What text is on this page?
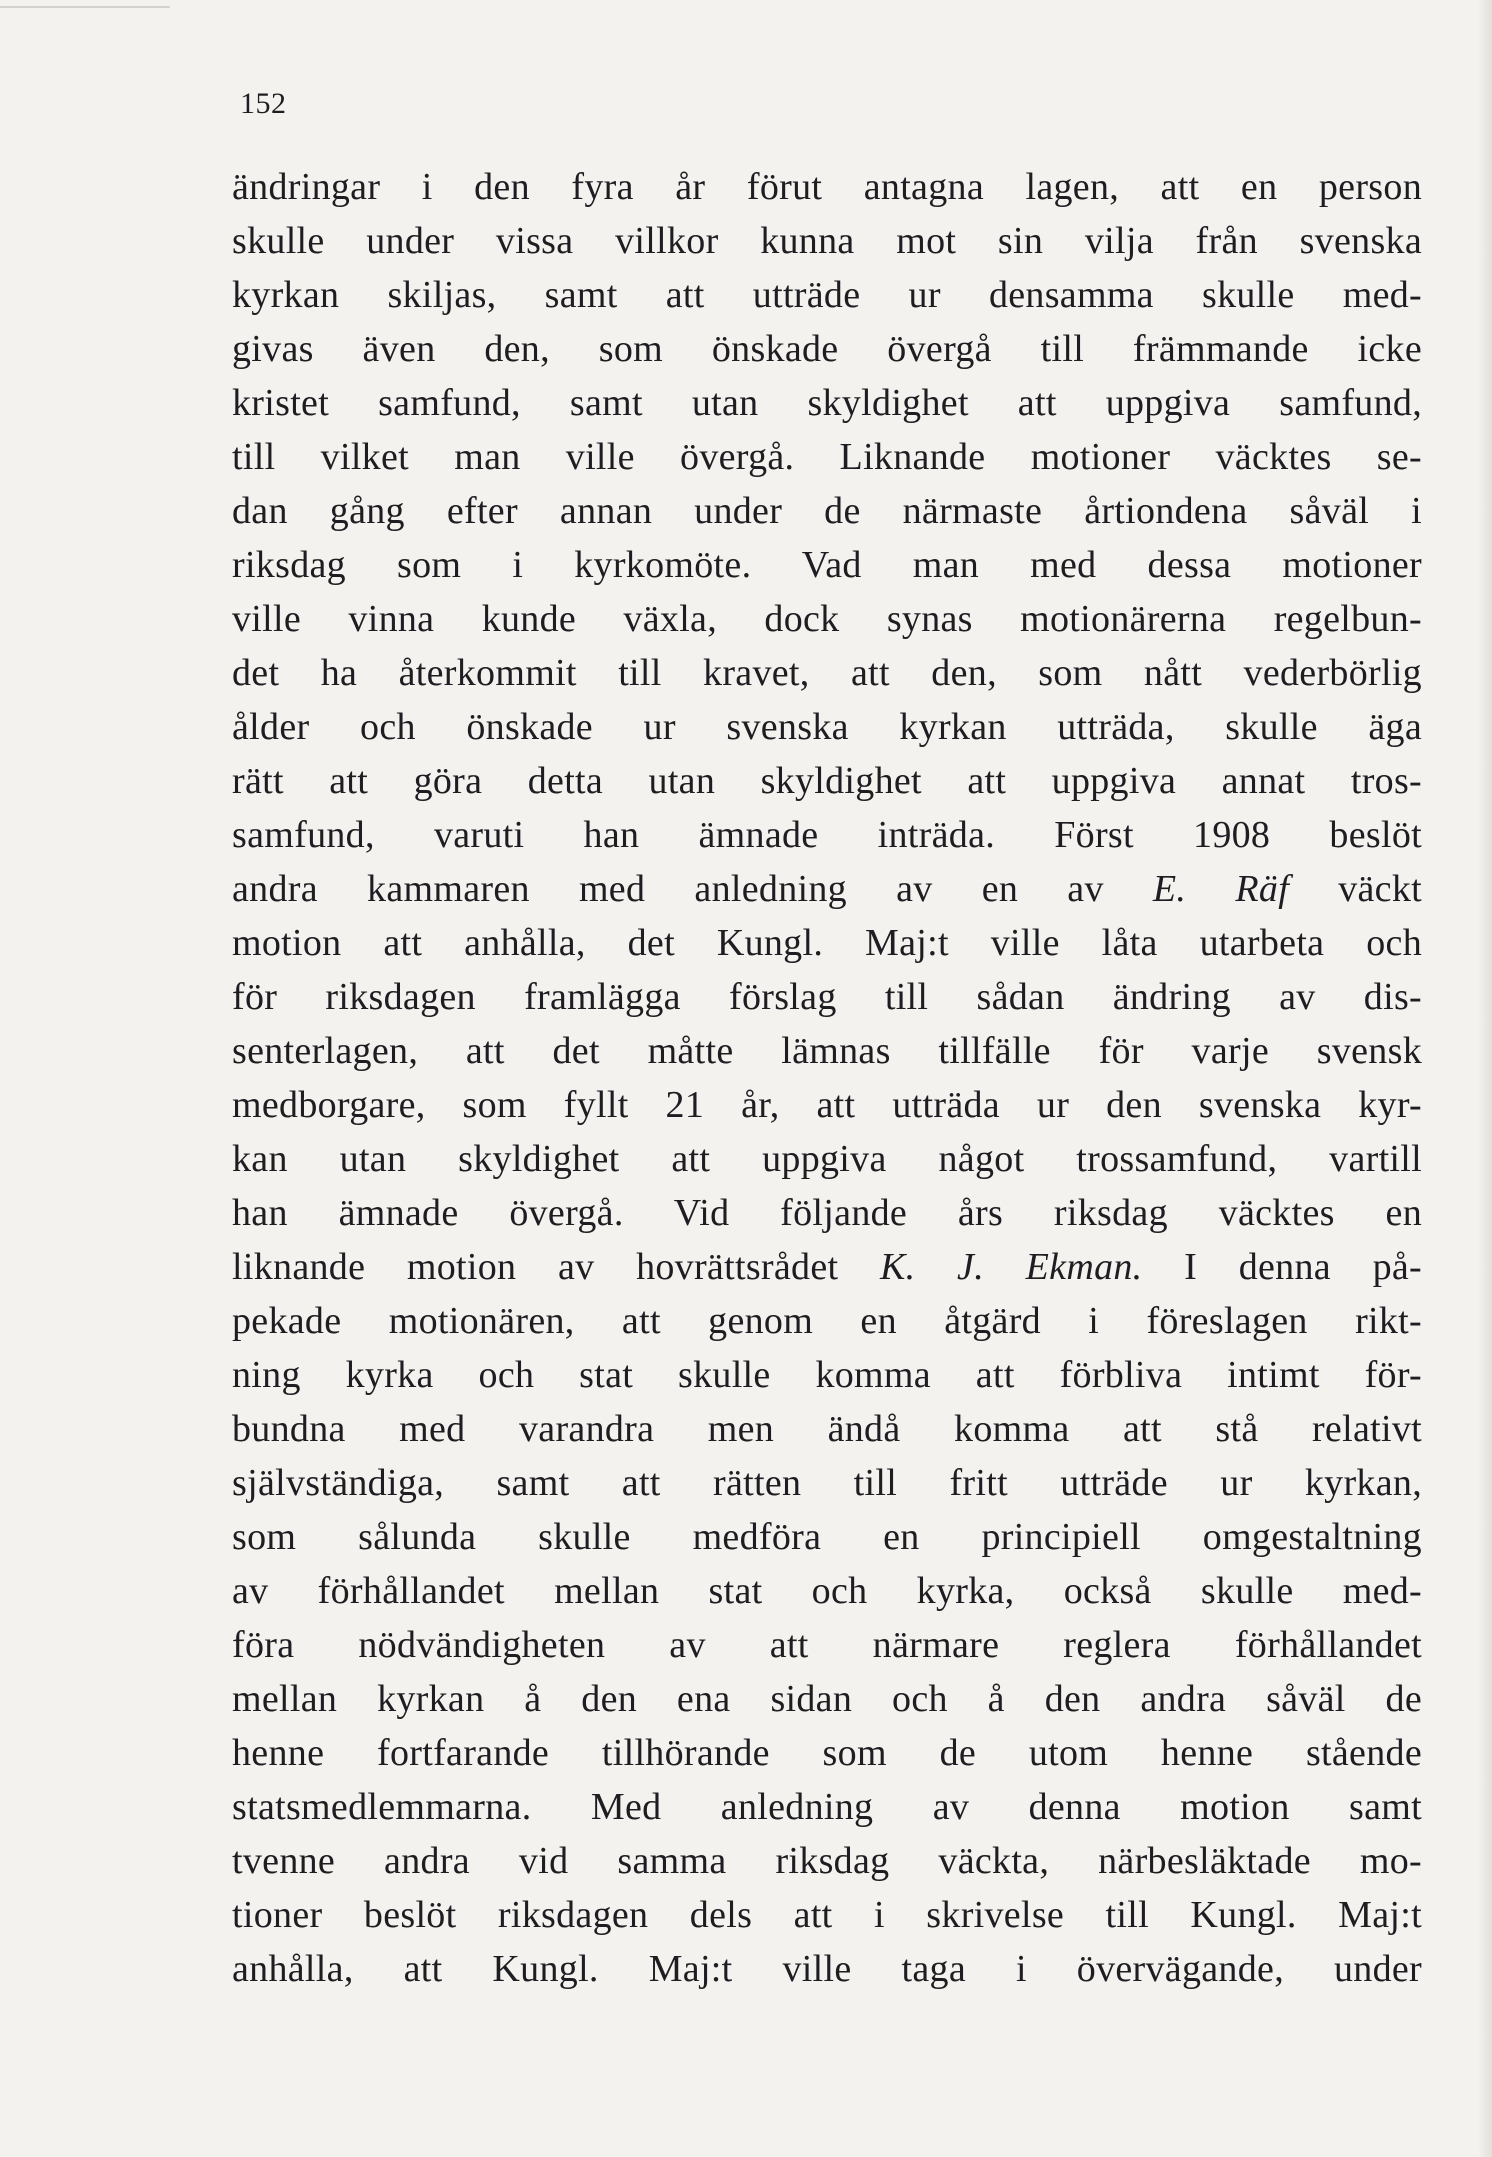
152
ändringar i den fyra år förut antagna lagen, att en person
skulle under vissa villkor kunna mot sin vilja från svenska
kyrkan skiljas, samt att utträde ur densamma skulle med-
givas även den, som önskade övergå till främmande icke
kristet samfund, samt utan skyldighet att uppgiva samfund,
till vilket man ville övergå. Liknande motioner väcktes se-
dan gång efter annan under de närmaste årtiondena såväl i
riksdag som i kyrkomöte. Vad man med dessa motioner
ville vinna kunde växla, dock synas motionärerna regelbun-
det ha återkommit till kravet, att den, som nått vederbörlig
ålder och önskade ur svenska kyrkan utträda, skulle äga
rätt att göra detta utan skyldighet att uppgiva annat tros-
samfund, varuti han ämnade inträda. Först 1908 beslöt
andra kammaren med anledning av en av E. Räf väckt
motion att anhålla, det Kungl. Maj:t ville låta utarbeta och
för riksdagen framlägga förslag till sådan ändring av dis-
senterlagen, att det måtte lämnas tillfälle för varje svensk
medborgare, som fyllt 21 år, att utträda ur den svenska kyr-
kan utan skyldighet att uppgiva något trossamfund, vartill
han ämnade övergå. Vid följande års riksdag väcktes en
liknande motion av hovrättsrådet K. J. Ekman. I denna på-
pekade motionären, att genom en åtgärd i föreslagen rikt-
ning kyrka och stat skulle komma att förbliva intimt för-
bundna med varandra men ändå komma att stå relativt
självständiga, samt att rätten till fritt utträde ur kyrkan,
som sålunda skulle medföra en principiell omgestaltning
av förhållandet mellan stat och kyrka, också skulle med-
föra nödvändigheten av att närmare reglera förhållandet
mellan kyrkan å den ena sidan och å den andra såväl de
henne fortfarande tillhörande som de utom henne stående
statsmedlemmarna. Med anledning av denna motion samt
tvenne andra vid samma riksdag väckta, närbesläktade mo-
tioner beslöt riksdagen dels att i skrivelse till Kungl. Maj:t
anhålla, att Kungl. Maj:t ville taga i övervägande, under
